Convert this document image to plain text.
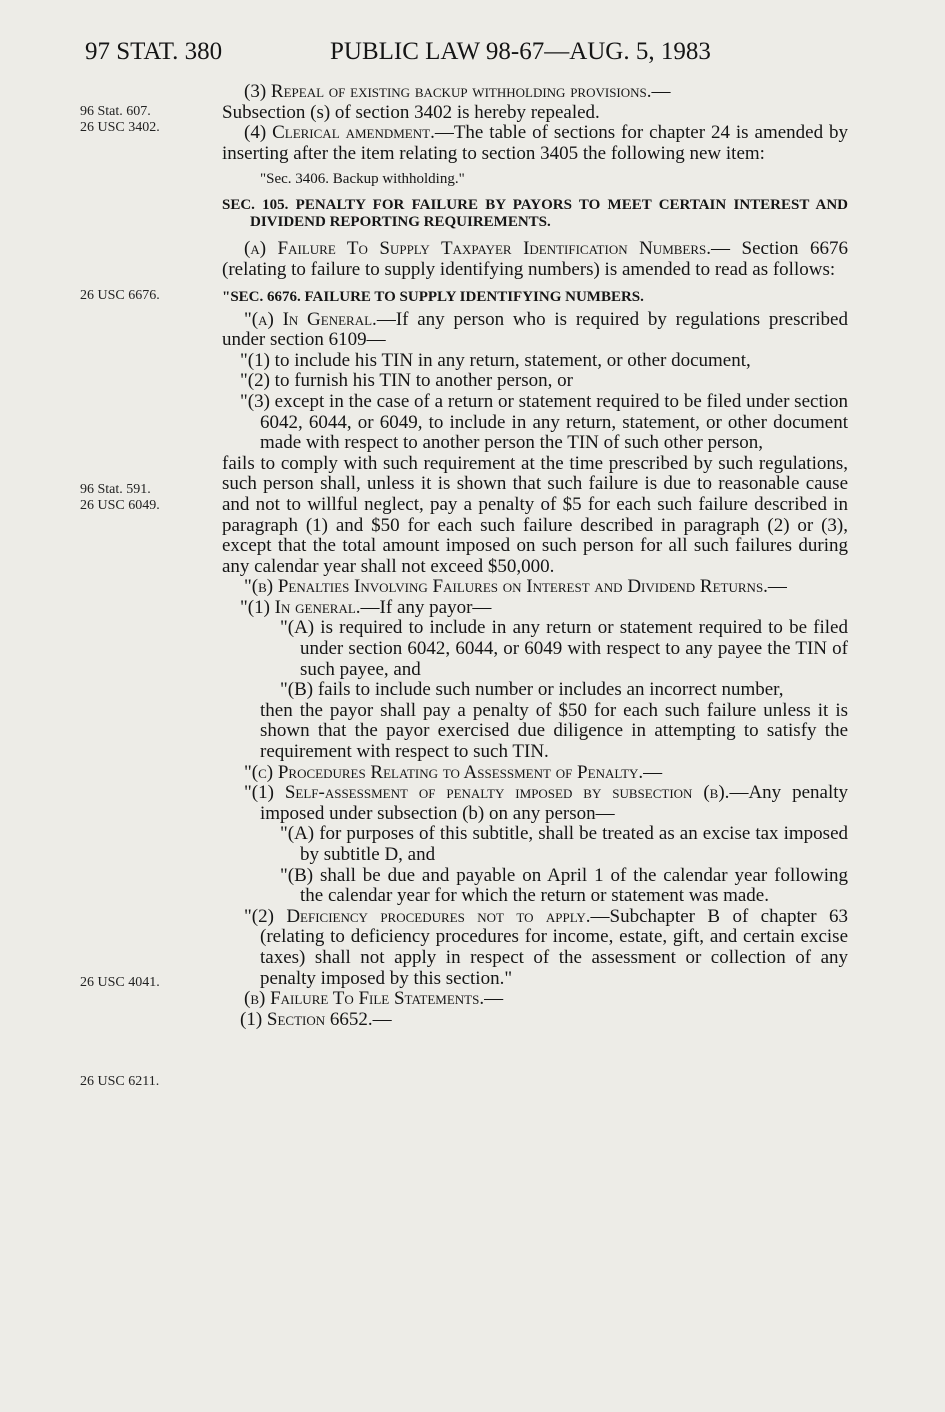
97 STAT. 380	PUBLIC LAW 98-67—AUG. 5, 1983
96 Stat. 607.
26 USC 3402.
26 USC 6676.
96 Stat. 591.
26 USC 6049.
26 USC 4041.
26 USC 6211.

(3) Repeal of existing backup withholding provisions.—

Subsection (s) of section 3402 is hereby repealed.

(4) Clerical amendment.—The table of sections for chapter 24 is amended by inserting after the item relating to section 3405 the following new item:

"Sec. 3406. Backup withholding."

SEC. 105. PENALTY FOR FAILURE BY PAYORS TO MEET CERTAIN INTEREST AND DIVIDEND REPORTING REQUIREMENTS.

(a) Failure To Supply Taxpayer Identification Numbers.— Section 6676 (relating to failure to supply identifying numbers) is amended to read as follows:

"SEC. 6676. FAILURE TO SUPPLY IDENTIFYING NUMBERS.

"(a) In General.—If any person who is required by regulations prescribed under section 6109—

"(1) to include his TIN in any return, statement, or other document,

"(2) to furnish his TIN to another person, or

"(3) except in the case of a return or statement required to be filed under section 6042, 6044, or 6049, to include in any return, statement, or other document made with respect to another person the TIN of such other person,

fails to comply with such requirement at the time prescribed by such regulations, such person shall, unless it is shown that such failure is due to reasonable cause and not to willful neglect, pay a penalty of $5 for each such failure described in paragraph (1) and $50 for each such failure described in paragraph (2) or (3), except that the total amount imposed on such person for all such failures during any calendar year shall not exceed $50,000.

"(b) Penalties Involving Failures on Interest and Dividend Returns.—

"(1) In general.—If any payor—

"(A) is required to include in any return or statement required to be filed under section 6042, 6044, or 6049 with respect to any payee the TIN of such payee, and

"(B) fails to include such number or includes an incorrect number,

then the payor shall pay a penalty of $50 for each such failure unless it is shown that the payor exercised due diligence in attempting to satisfy the requirement with respect to such TIN.

"(c) Procedures Relating to Assessment of Penalty.—

"(1) Self-assessment of penalty imposed by subsection (b).—Any penalty imposed under subsection (b) on any person—

"(A) for purposes of this subtitle, shall be treated as an excise tax imposed by subtitle D, and

"(B) shall be due and payable on April 1 of the calendar year following the calendar year for which the return or statement was made.

"(2) Deficiency procedures not to apply.—Subchapter B of chapter 63 (relating to deficiency procedures for income, estate, gift, and certain excise taxes) shall not apply in respect of the assessment or collection of any penalty imposed by this section."

(b) Failure To File Statements.—

(1) Section 6652.—
